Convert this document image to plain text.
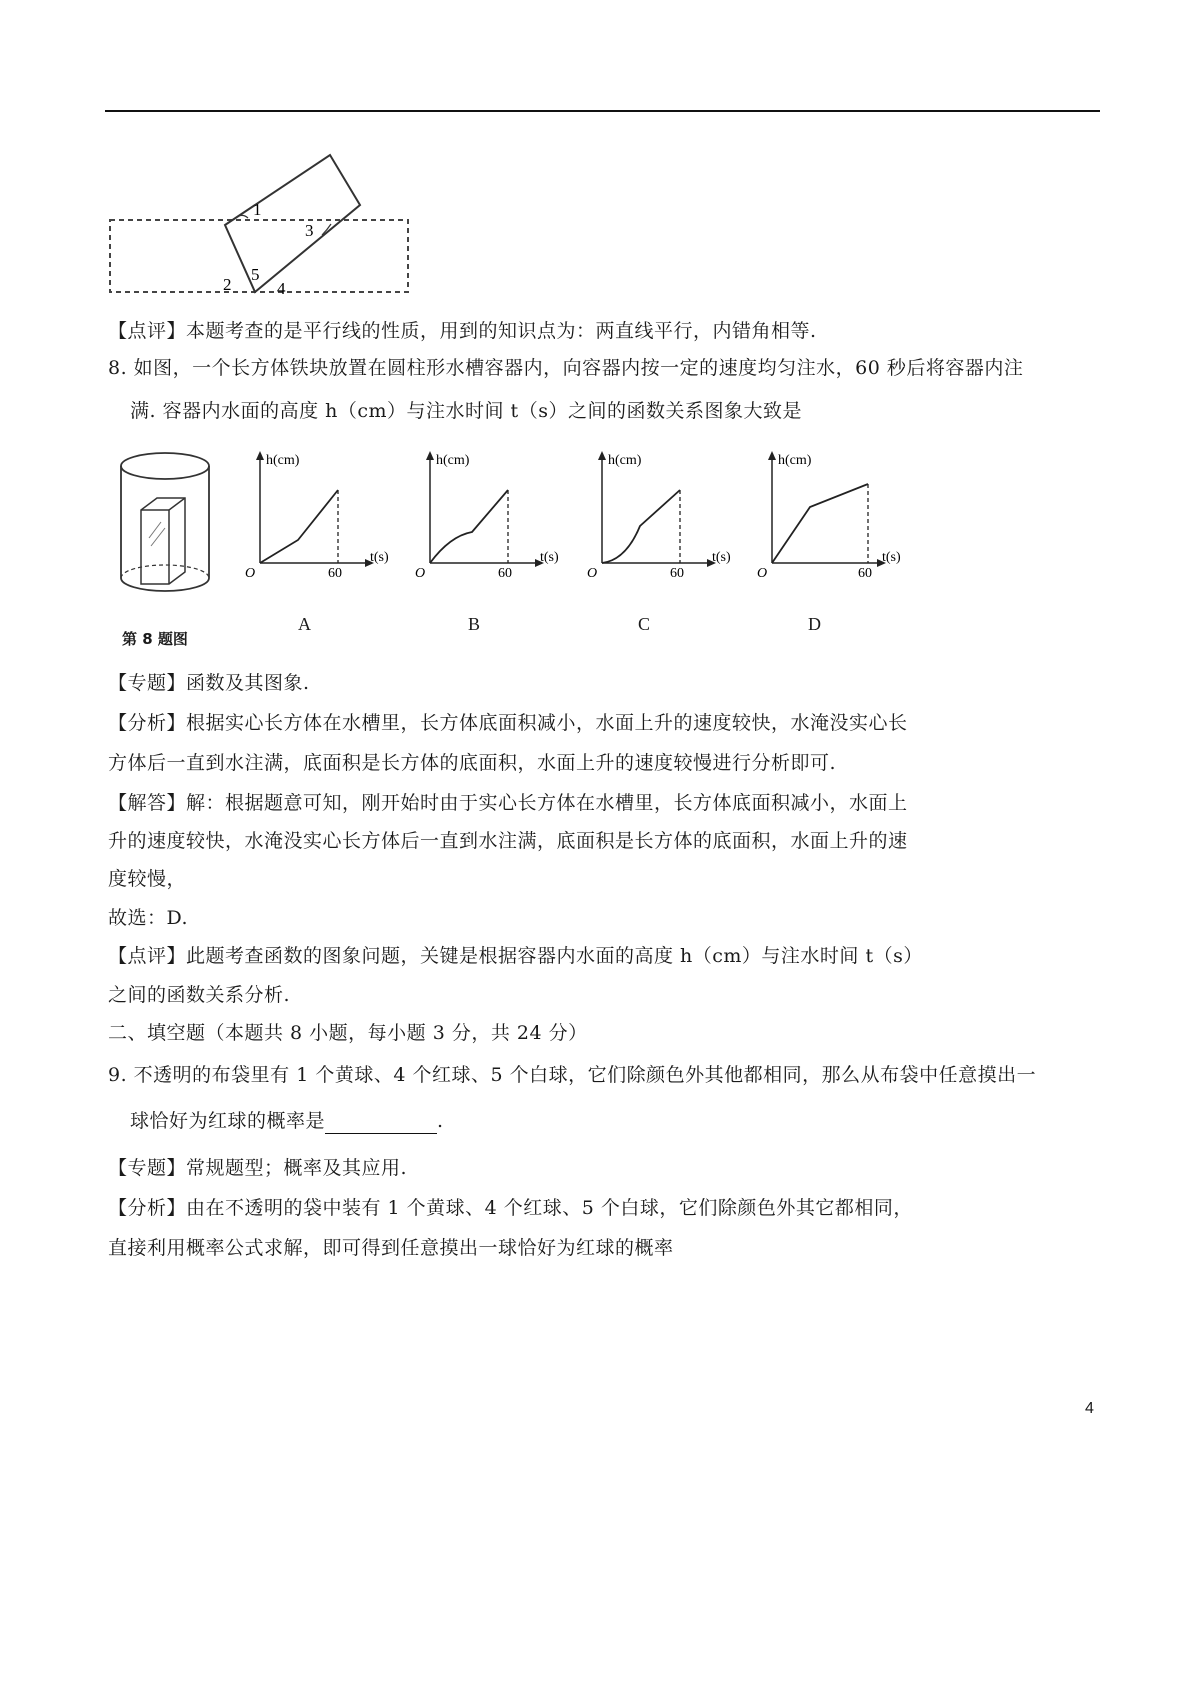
1
2
3
4
5
【点评】本题考查的是平行线的性质，用到的知识点为：两直线平行，内错角相等.
8. 如图，一个长方体铁块放置在圆柱形水槽容器内，向容器内按一定的速度均匀注水，60 秒后将容器内注
满. 容器内水面的高度 h（cm）与注水时间 t（s）之间的函数关系图象大致是
第 8 题图
h(cm)
t(s)
O	60
A
h(cm)
t(s)
O	60
B
h(cm)
t(s)
O	60
C
h(cm)
t(s)
O	60
D
【专题】函数及其图象.
【分析】根据实心长方体在水槽里，长方体底面积减小，水面上升的速度较快，水淹没实心长
方体后一直到水注满，底面积是长方体的底面积，水面上升的速度较慢进行分析即可.
【解答】解：根据题意可知，刚开始时由于实心长方体在水槽里，长方体底面积减小，水面上
升的速度较快，水淹没实心长方体后一直到水注满，底面积是长方体的底面积，水面上升的速
度较慢，
故选：D.
【点评】此题考查函数的图象问题，关键是根据容器内水面的高度 h（cm）与注水时间 t（s）
之间的函数关系分析.
二、填空题（本题共 8 小题，每小题 3 分，共 24 分）
9. 不透明的布袋里有 1 个黄球、4 个红球、5 个白球，它们除颜色外其他都相同，那么从布袋中任意摸出一
球恰好为红球的概率是	.
【专题】常规题型；概率及其应用.
【分析】由在不透明的袋中装有 1 个黄球、4 个红球、5 个白球，它们除颜色外其它都相同，
直接利用概率公式求解，即可得到任意摸出一球恰好为红球的概率
4
